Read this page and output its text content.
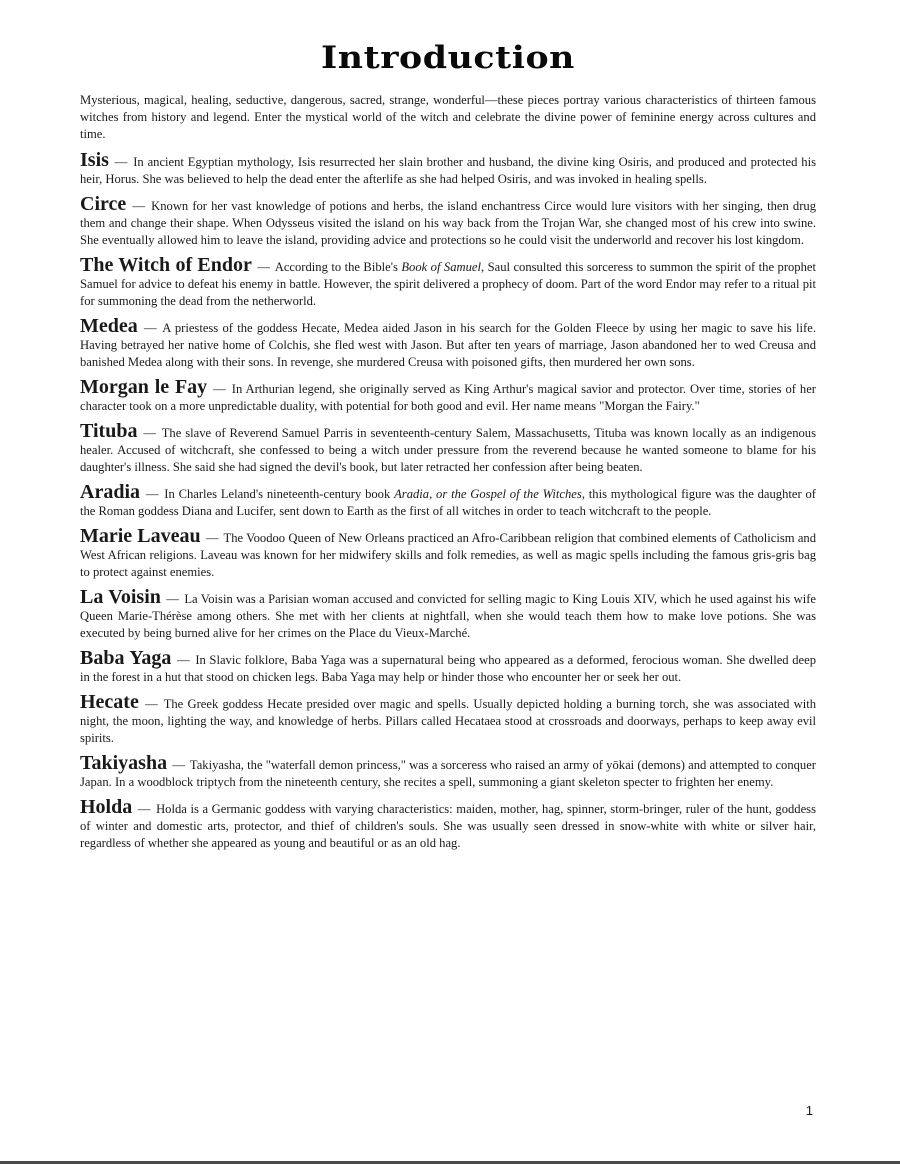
Introduction

Mysterious, magical, healing, seductive, dangerous, sacred, strange, wonderful—these pieces portray various characteristics of thirteen famous witches from history and legend. Enter the mystical world of the witch and celebrate the divine power of feminine energy across cultures and time.

Isis — In ancient Egyptian mythology, Isis resurrected her slain brother and husband, the divine king Osiris, and produced and protected his heir, Horus. She was believed to help the dead enter the afterlife as she had helped Osiris, and was invoked in healing spells.

Circe — Known for her vast knowledge of potions and herbs, the island enchantress Circe would lure visitors with her singing, then drug them and change their shape. When Odysseus visited the island on his way back from the Trojan War, she changed most of his crew into swine. She eventually allowed him to leave the island, providing advice and protections so he could visit the underworld and recover his lost kingdom.

The Witch of Endor — According to the Bible's Book of Samuel, Saul consulted this sorceress to summon the spirit of the prophet Samuel for advice to defeat his enemy in battle. However, the spirit delivered a prophecy of doom. Part of the word Endor may refer to a ritual pit for summoning the dead from the netherworld.

Medea — A priestess of the goddess Hecate, Medea aided Jason in his search for the Golden Fleece by using her magic to save his life. Having betrayed her native home of Colchis, she fled west with Jason. But after ten years of marriage, Jason abandoned her to wed Creusa and banished Medea along with their sons. In revenge, she murdered Creusa with poisoned gifts, then murdered her own sons.

Morgan le Fay — In Arthurian legend, she originally served as King Arthur's magical savior and protector. Over time, stories of her character took on a more unpredictable duality, with potential for both good and evil. Her name means "Morgan the Fairy."

Tituba — The slave of Reverend Samuel Parris in seventeenth-century Salem, Massachusetts, Tituba was known locally as an indigenous healer. Accused of witchcraft, she confessed to being a witch under pressure from the reverend because he wanted someone to blame for his daughter's illness. She said she had signed the devil's book, but later retracted her confession after being beaten.

Aradia — In Charles Leland's nineteenth-century book Aradia, or the Gospel of the Witches, this mythological figure was the daughter of the Roman goddess Diana and Lucifer, sent down to Earth as the first of all witches in order to teach witchcraft to the people.

Marie Laveau — The Voodoo Queen of New Orleans practiced an Afro-Caribbean religion that combined elements of Catholicism and West African religions. Laveau was known for her midwifery skills and folk remedies, as well as magic spells including the famous gris-gris bag to protect against enemies.

La Voisin — La Voisin was a Parisian woman accused and convicted for selling magic to King Louis XIV, which he used against his wife Queen Marie-Thérèse among others. She met with her clients at nightfall, when she would teach them how to make love potions. She was executed by being burned alive for her crimes on the Place du Vieux-Marché.

Baba Yaga — In Slavic folklore, Baba Yaga was a supernatural being who appeared as a deformed, ferocious woman. She dwelled deep in the forest in a hut that stood on chicken legs. Baba Yaga may help or hinder those who encounter her or seek her out.

Hecate — The Greek goddess Hecate presided over magic and spells. Usually depicted holding a burning torch, she was associated with night, the moon, lighting the way, and knowledge of herbs. Pillars called Hecataea stood at crossroads and doorways, perhaps to keep away evil spirits.

Takiyasha — Takiyasha, the "waterfall demon princess," was a sorceress who raised an army of yōkai (demons) and attempted to conquer Japan. In a woodblock triptych from the nineteenth century, she recites a spell, summoning a giant skeleton specter to frighten her enemy.

Holda — Holda is a Germanic goddess with varying characteristics: maiden, mother, hag, spinner, storm-bringer, ruler of the hunt, goddess of winter and domestic arts, protector, and thief of children's souls. She was usually seen dressed in snow-white with white or silver hair, regardless of whether she appeared as young and beautiful or as an old hag.

1
